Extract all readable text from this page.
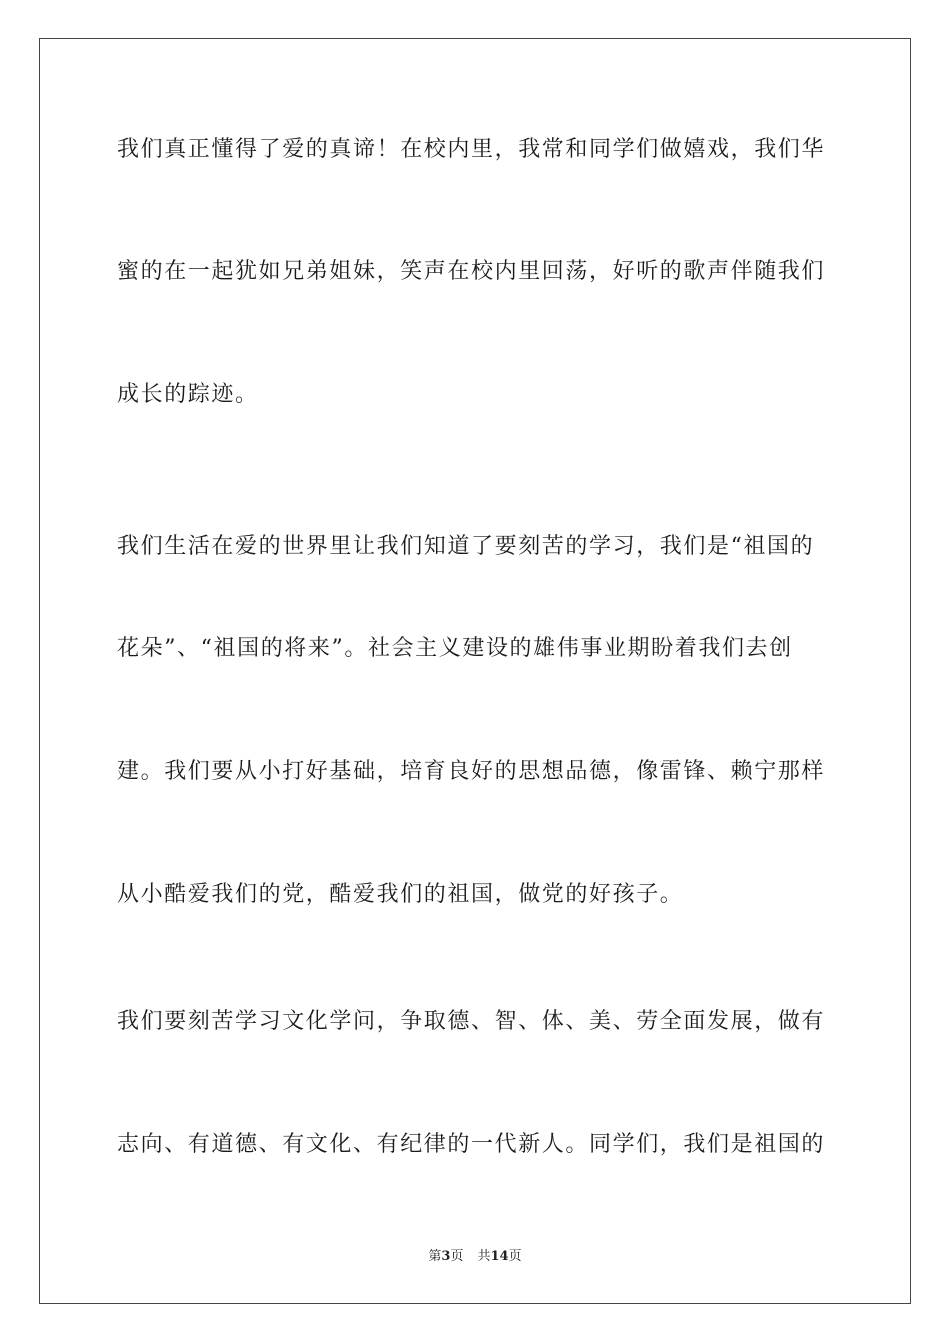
我们真正懂得了爱的真谛！在校内里，我常和同学们做嬉戏，我们华
蜜的在一起犹如兄弟姐妹，笑声在校内里回荡，好听的歌声伴随我们
成长的踪迹。
我们生活在爱的世界里让我们知道了要刻苦的学习，我们是“祖国的
花朵”、“祖国的将来”。社会主义建设的雄伟事业期盼着我们去创
建。我们要从小打好基础，培育良好的思想品德，像雷锋、赖宁那样
从小酷爱我们的党，酷爱我们的祖国，做党的好孩子。
我们要刻苦学习文化学问，争取德、智、体、美、劳全面发展，做有
志向、有道德、有文化、有纪律的一代新人。同学们，我们是祖国的
第3页 共14页
